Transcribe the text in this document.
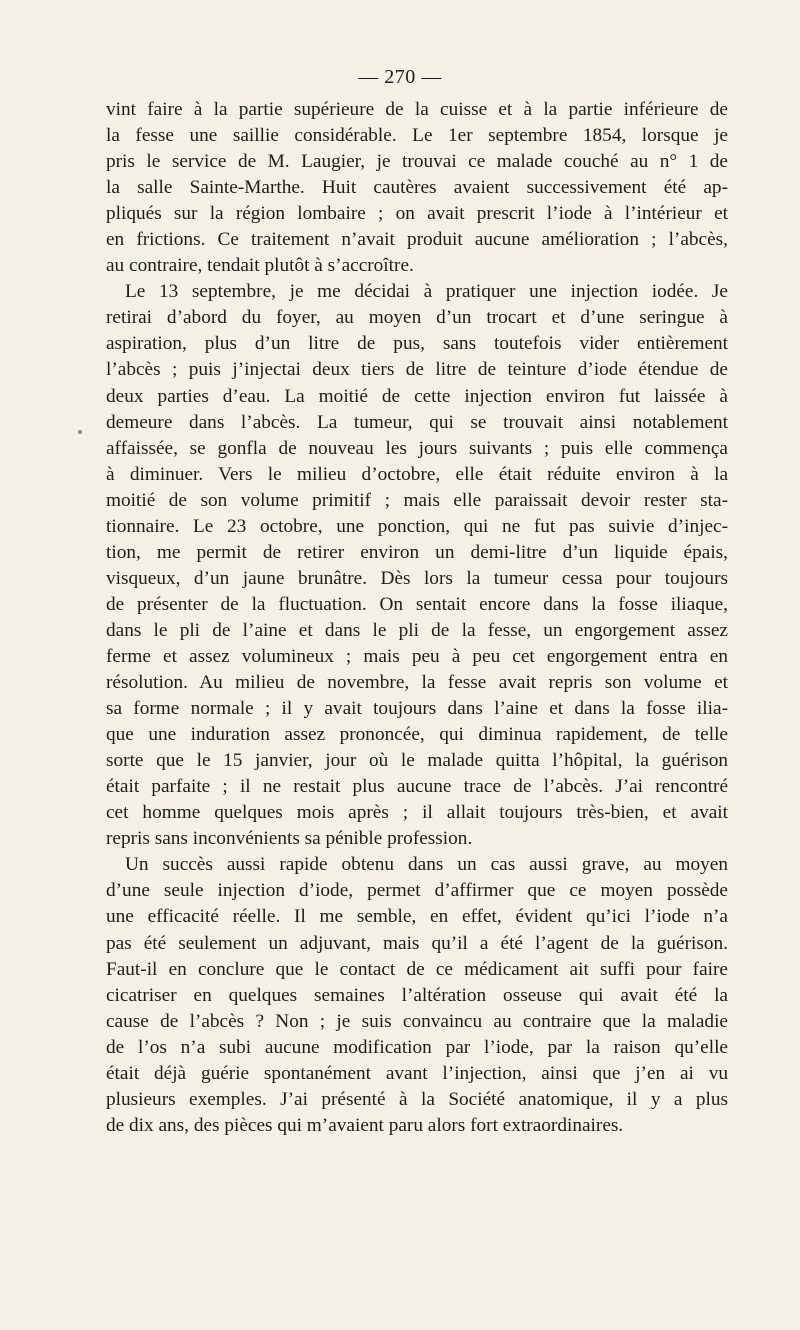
— 270 —
vint faire à la partie supérieure de la cuisse et à la partie inférieure de
la fesse une saillie considérable. Le 1er septembre 1854, lorsque je
pris le service de M. Laugier, je trouvai ce malade couché au n° 1 de
la salle Sainte-Marthe. Huit cautères avaient successivement été ap-
pliqués sur la région lombaire ; on avait prescrit l’iode à l’intérieur et
en frictions. Ce traitement n’avait produit aucune amélioration ; l’abcès,
au contraire, tendait plutôt à s’accroître.
Le 13 septembre, je me décidai à pratiquer une injection iodée. Je
retirai d’abord du foyer, au moyen d’un trocart et d’une seringue à
aspiration, plus d’un litre de pus, sans toutefois vider entièrement
l’abcès ; puis j’injectai deux tiers de litre de teinture d’iode étendue de
deux parties d’eau. La moitié de cette injection environ fut laissée à
demeure dans l’abcès. La tumeur, qui se trouvait ainsi notablement
affaissée, se gonfla de nouveau les jours suivants ; puis elle commença
à diminuer. Vers le milieu d’octobre, elle était réduite environ à la
moitié de son volume primitif ; mais elle paraissait devoir rester sta-
tionnaire. Le 23 octobre, une ponction, qui ne fut pas suivie d’injec-
tion, me permit de retirer environ un demi-litre d’un liquide épais,
visqueux, d’un jaune brunâtre. Dès lors la tumeur cessa pour toujours
de présenter de la fluctuation. On sentait encore dans la fosse iliaque,
dans le pli de l’aine et dans le pli de la fesse, un engorgement assez
ferme et assez volumineux ; mais peu à peu cet engorgement entra en
résolution. Au milieu de novembre, la fesse avait repris son volume et
sa forme normale ; il y avait toujours dans l’aine et dans la fosse ilia-
que une induration assez prononcée, qui diminua rapidement, de telle
sorte que le 15 janvier, jour où le malade quitta l’hôpital, la guérison
était parfaite ; il ne restait plus aucune trace de l’abcès. J’ai rencontré
cet homme quelques mois après ; il allait toujours très-bien, et avait
repris sans inconvénients sa pénible profession.
Un succès aussi rapide obtenu dans un cas aussi grave, au moyen
d’une seule injection d’iode, permet d’affirmer que ce moyen possède
une efficacité réelle. Il me semble, en effet, évident qu’ici l’iode n’a
pas été seulement un adjuvant, mais qu’il a été l’agent de la guérison.
Faut-il en conclure que le contact de ce médicament ait suffi pour faire
cicatriser en quelques semaines l’altération osseuse qui avait été la
cause de l’abcès ? Non ; je suis convaincu au contraire que la maladie
de l’os n’a subi aucune modification par l’iode, par la raison qu’elle
était déjà guérie spontanément avant l’injection, ainsi que j’en ai vu
plusieurs exemples. J’ai présenté à la Société anatomique, il y a plus
de dix ans, des pièces qui m’avaient paru alors fort extraordinaires.
